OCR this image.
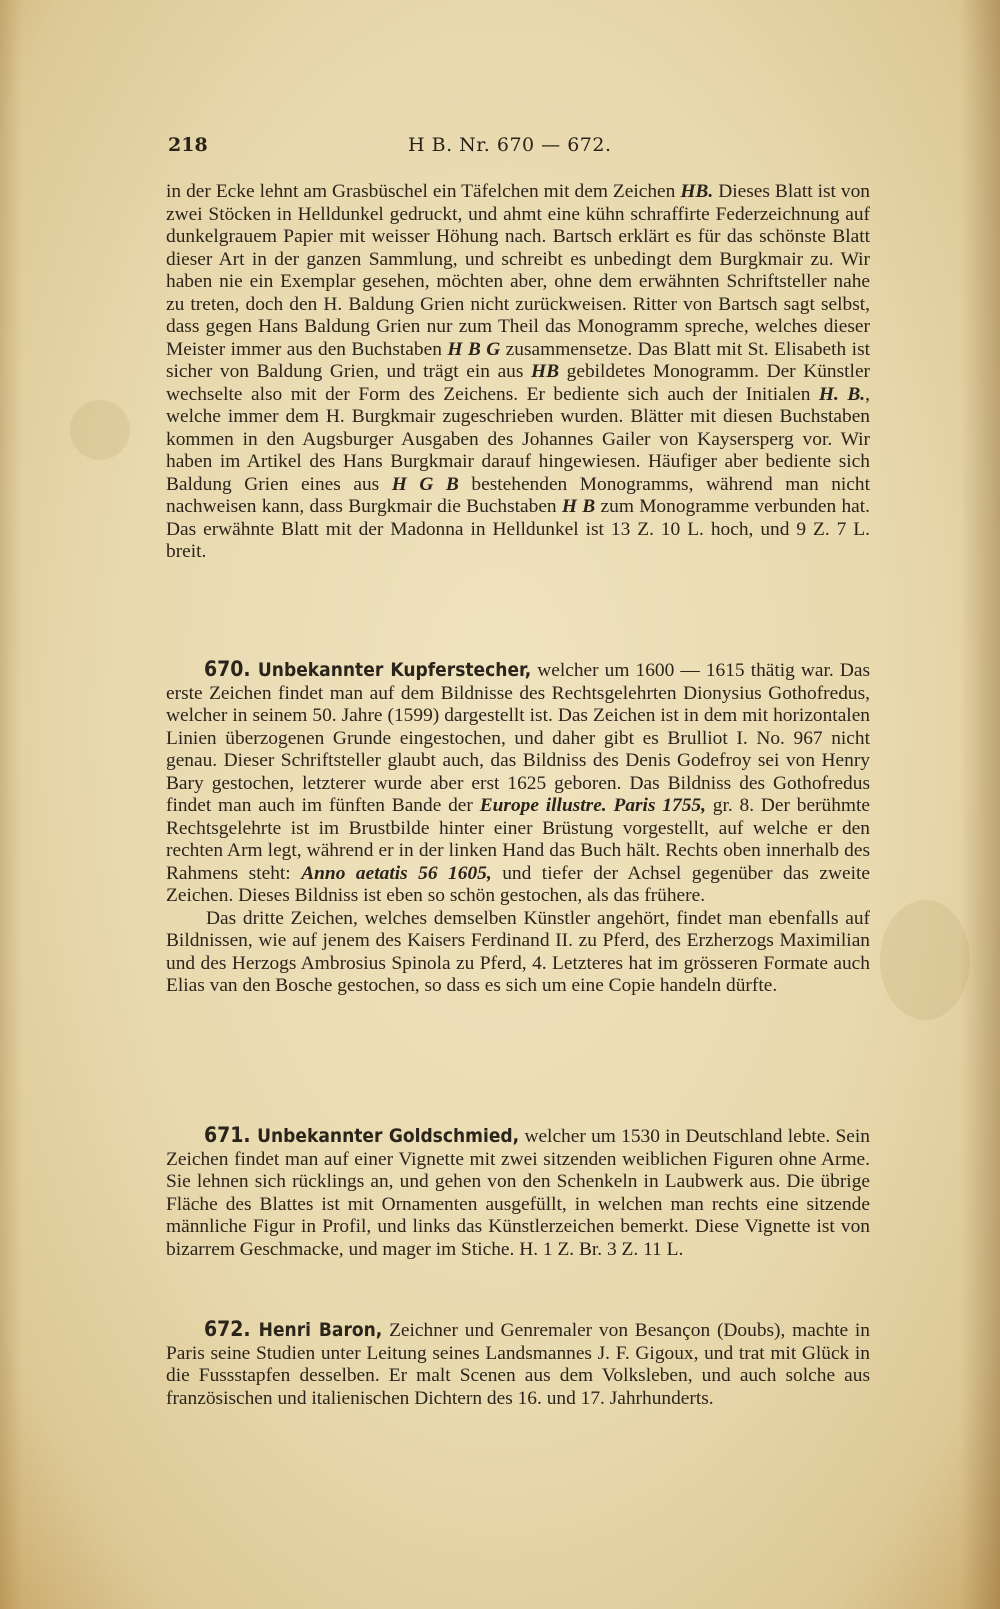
218	H B. Nr. 670 — 672.

in der Ecke lehnt am Grasbüschel ein Täfelchen mit dem Zeichen HB. Dieses Blatt ist von zwei Stöcken in Helldunkel gedruckt, und ahmt eine kühn schraffirte Federzeichnung auf dunkelgrauem Papier mit weisser Höhung nach. Bartsch erklärt es für das schönste Blatt dieser Art in der ganzen Sammlung, und schreibt es unbedingt dem Burgkmair zu. Wir haben nie ein Exemplar gesehen, möchten aber, ohne dem erwähnten Schriftsteller nahe zu treten, doch den H. Baldung Grien nicht zurückweisen. Ritter von Bartsch sagt selbst, dass gegen Hans Baldung Grien nur zum Theil das Monogramm spreche, welches dieser Meister immer aus den Buchstaben H B G zusammensetze. Das Blatt mit St. Elisabeth ist sicher von Baldung Grien, und trägt ein aus HB gebildetes Monogramm. Der Künstler wechselte also mit der Form des Zeichens. Er bediente sich auch der Initialen H. B., welche immer dem H. Burgkmair zugeschrieben wurden. Blätter mit diesen Buchstaben kommen in den Augsburger Ausgaben des Johannes Gailer von Kaysersperg vor. Wir haben im Artikel des Hans Burgkmair darauf hingewiesen. Häufiger aber bediente sich Baldung Grien eines aus H G B bestehenden Monogramms, während man nicht nachweisen kann, dass Burgkmair die Buchstaben H B zum Monogramme verbunden hat. Das erwähnte Blatt mit der Madonna in Helldunkel ist 13 Z. 10 L. hoch, und 9 Z. 7 L. breit.

670. Unbekannter Kupferstecher, welcher um 1600 — 1615 thätig war. Das erste Zeichen findet man auf dem Bildnisse des Rechtsgelehrten Dionysius Gothofredus, welcher in seinem 50. Jahre (1599) dargestellt ist. Das Zeichen ist in dem mit horizontalen Linien überzogenen Grunde eingestochen, und daher gibt es Brulliot I. No. 967 nicht genau. Dieser Schriftsteller glaubt auch, das Bildniss des Denis Godefroy sei von Henry Bary gestochen, letzterer wurde aber erst 1625 geboren. Das Bildniss des Gothofredus findet man auch im fünften Bande der Europe illustre. Paris 1755, gr. 8. Der berühmte Rechtsgelehrte ist im Brustbilde hinter einer Brüstung vorgestellt, auf welche er den rechten Arm legt, während er in der linken Hand das Buch hält. Rechts oben innerhalb des Rahmens steht: Anno aetatis 56 1605, und tiefer der Achsel gegenüber das zweite Zeichen. Dieses Bildniss ist eben so schön gestochen, als das frühere.

Das dritte Zeichen, welches demselben Künstler angehört, findet man ebenfalls auf Bildnissen, wie auf jenem des Kaisers Ferdinand II. zu Pferd, des Erzherzogs Maximilian und des Herzogs Ambrosius Spinola zu Pferd, 4. Letzteres hat im grösseren Formate auch Elias van den Bosche gestochen, so dass es sich um eine Copie handeln dürfte.

671. Unbekannter Goldschmied, welcher um 1530 in Deutschland lebte. Sein Zeichen findet man auf einer Vignette mit zwei sitzenden weiblichen Figuren ohne Arme. Sie lehnen sich rücklings an, und gehen von den Schenkeln in Laubwerk aus. Die übrige Fläche des Blattes ist mit Ornamenten ausgefüllt, in welchen man rechts eine sitzende männliche Figur in Profil, und links das Künstlerzeichen bemerkt. Diese Vignette ist von bizarrem Geschmacke, und mager im Stiche. H. 1 Z. Br. 3 Z. 11 L.

672. Henri Baron, Zeichner und Genremaler von Besançon (Doubs), machte in Paris seine Studien unter Leitung seines Landsmannes J. F. Gigoux, und trat mit Glück in die Fussstapfen desselben. Er malt Scenen aus dem Volksleben, und auch solche aus französischen und italienischen Dichtern des 16. und 17. Jahrhunderts.
